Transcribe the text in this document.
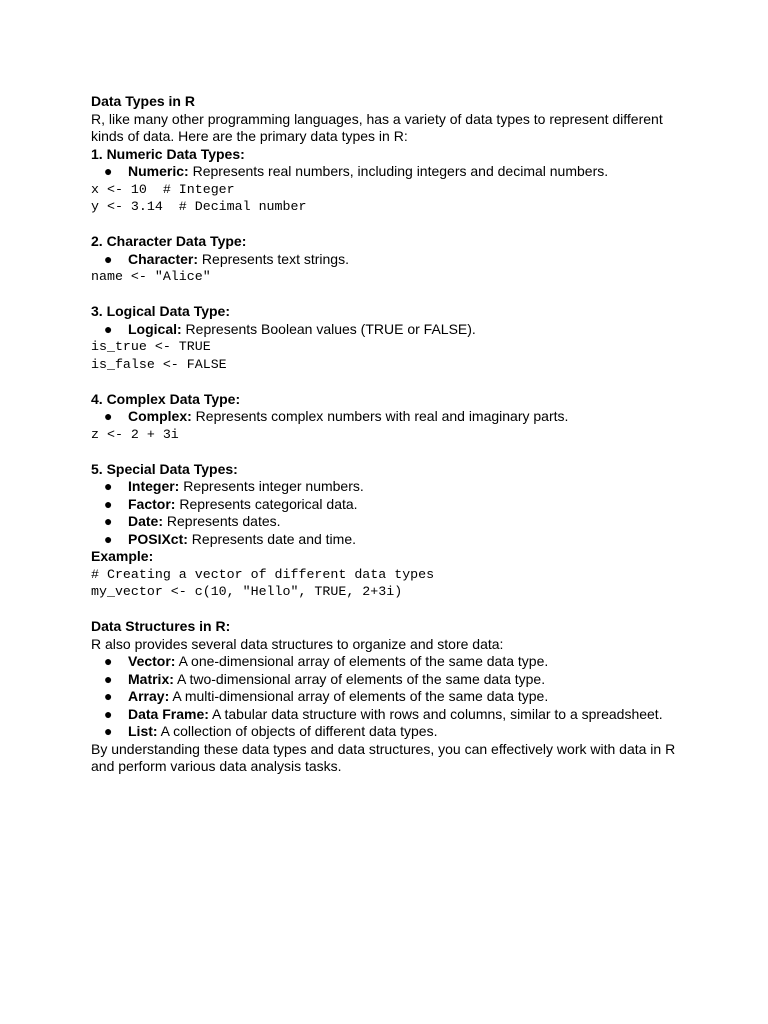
Data Types in R

R, like many other programming languages, has a variety of data types to represent different kinds of data. Here are the primary data types in R:

1. Numeric Data Types:

● Numeric: Represents real numbers, including integers and decimal numbers.

x <- 10  # Integer

y <- 3.14  # Decimal number

2. Character Data Type:

● Character: Represents text strings.

name <- "Alice"

3. Logical Data Type:

● Logical: Represents Boolean values (TRUE or FALSE).

is_true <- TRUE

is_false <- FALSE

4. Complex Data Type:

● Complex: Represents complex numbers with real and imaginary parts.

z <- 2 + 3i

5. Special Data Types:

● Integer: Represents integer numbers.
● Factor: Represents categorical data.
● Date: Represents dates.
● POSIXct: Represents date and time.

Example:

# Creating a vector of different data types

my_vector <- c(10, "Hello", TRUE, 2+3i)

Data Structures in R:

R also provides several data structures to organize and store data:

● Vector: A one-dimensional array of elements of the same data type.
● Matrix: A two-dimensional array of elements of the same data type.
● Array: A multi-dimensional array of elements of the same data type.
● Data Frame: A tabular data structure with rows and columns, similar to a spreadsheet.
● List: A collection of objects of different data types.

By understanding these data types and data structures, you can effectively work with data in R and perform various data analysis tasks.
